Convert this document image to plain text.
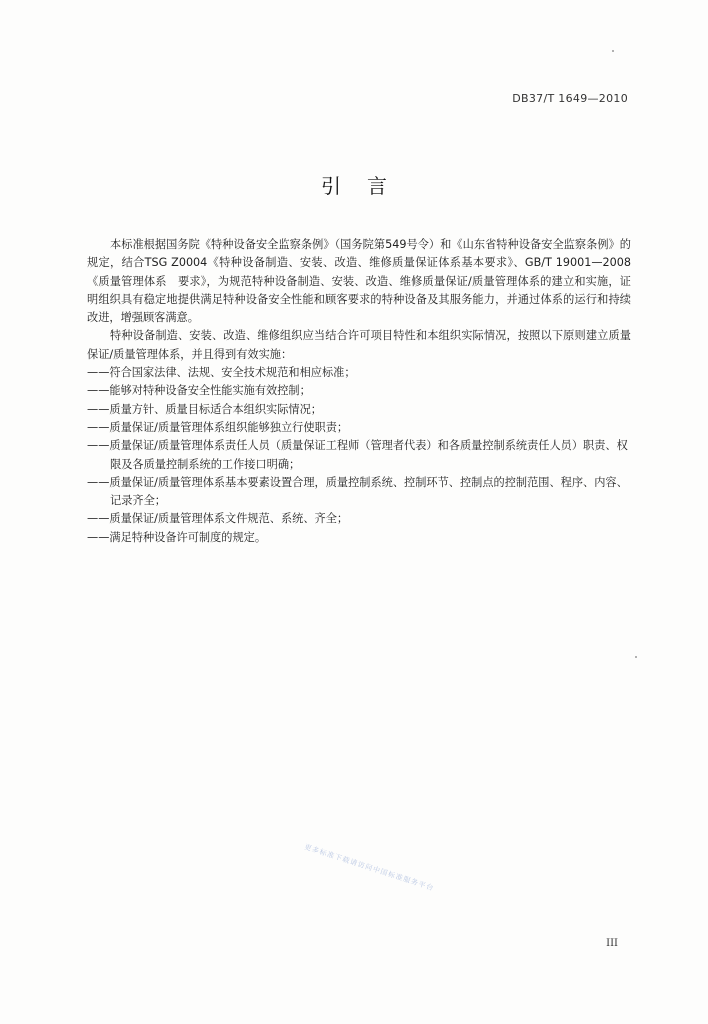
DB37/T 1649—2010
引言

本标准根据国务院《特种设备安全监察条例》（国务院第549号令）和《山东省特种设备安全监察条例》的规定，结合TSG Z0004《特种设备制造、安装、改造、维修质量保证体系基本要求》、GB/T 19001—2008《质量管理体系　要求》，为规范特种设备制造、安装、改造、维修质量保证/质量管理体系的建立和实施，证明组织具有稳定地提供满足特种设备安全性能和顾客要求的特种设备及其服务能力，并通过体系的运行和持续改进，增强顾客满意。

特种设备制造、安装、改造、维修组织应当结合许可项目特性和本组织实际情况，按照以下原则建立质量保证/质量管理体系，并且得到有效实施：

——符合国家法律、法规、安全技术规范和相应标准；
——能够对特种设备安全性能实施有效控制；
——质量方针、质量目标适合本组织实际情况；
——质量保证/质量管理体系组织能够独立行使职责；
——质量保证/质量管理体系责任人员（质量保证工程师（管理者代表）和各质量控制系统责任人员）职责、权限及各质量控制系统的工作接口明确；
——质量保证/质量管理体系基本要素设置合理，质量控制系统、控制环节、控制点的控制范围、程序、内容、记录齐全；
——质量保证/质量管理体系文件规范、系统、齐全；
——满足特种设备许可制度的规定。
更多标准下载请访问中国标准服务平台
III
